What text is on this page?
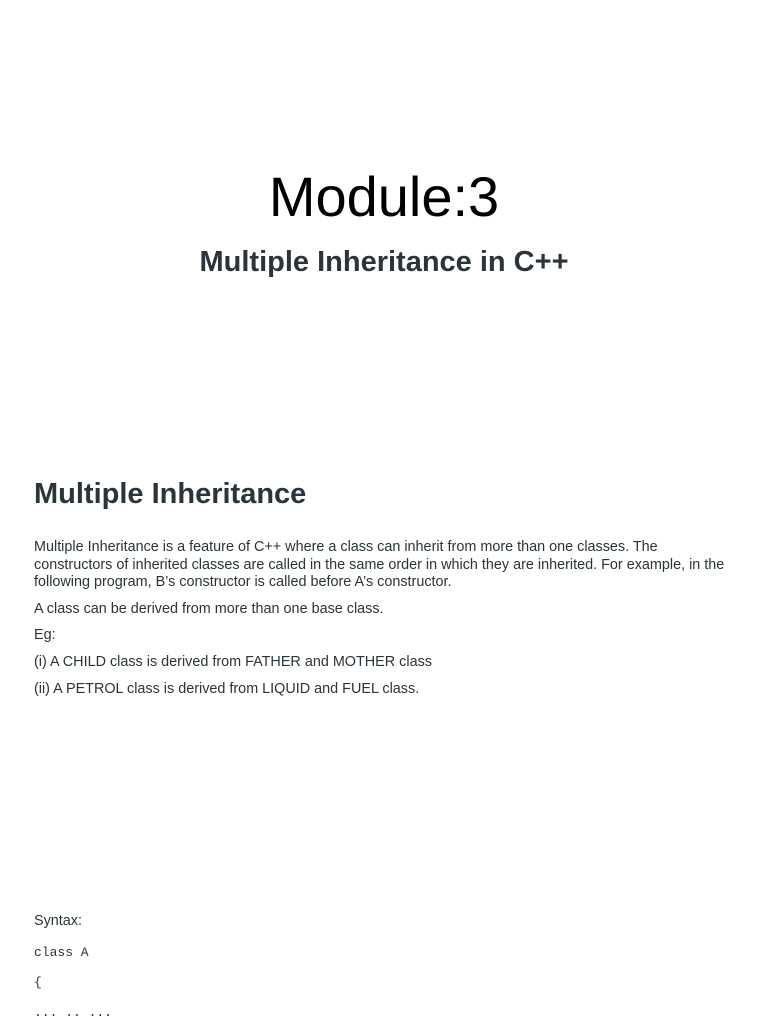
Module:3
Multiple Inheritance in C++
Multiple Inheritance

Multiple Inheritance is a feature of C++ where a class can inherit from more than one classes. The constructors of inherited classes are called in the same order in which they are inherited. For example, in the following program, B’s constructor is called before A’s constructor.

A class can be derived from more than one base class.

Eg:

(i) A CHILD class is derived from FATHER and MOTHER class

(ii) A PETROL class is derived from LIQUID and FUEL class.

Syntax:

class A

{

... .. ...
